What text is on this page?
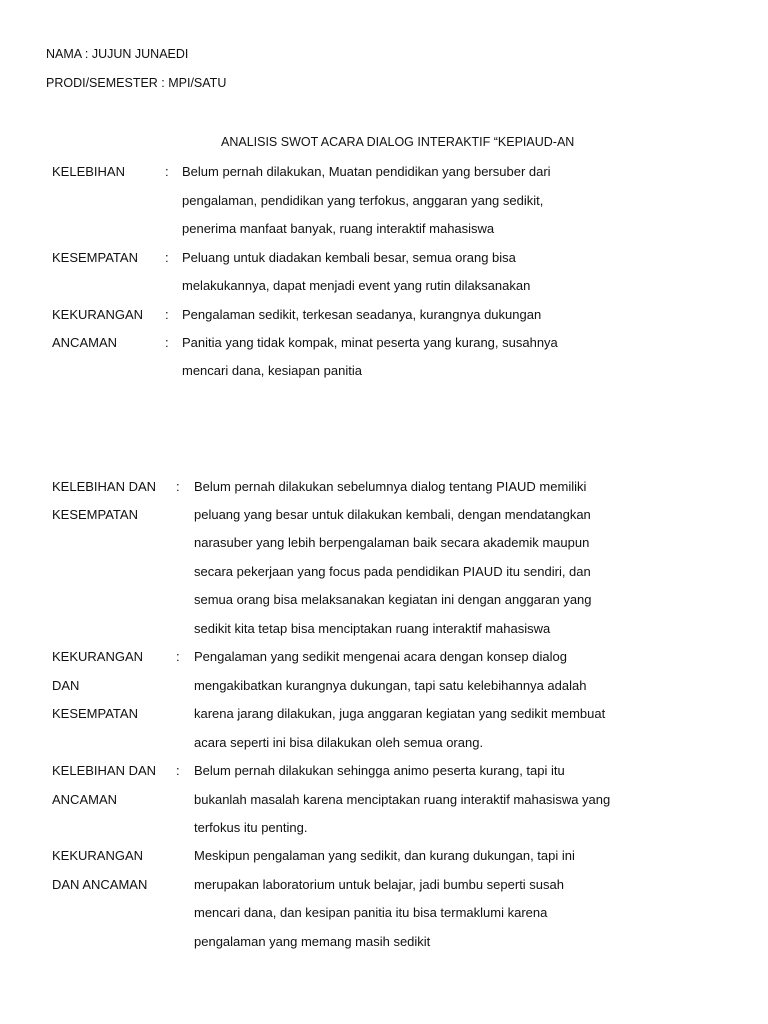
NAMA : JUJUN JUNAEDI
PRODI/SEMESTER : MPI/SATU
ANALISIS SWOT ACARA DIALOG INTERAKTIF “KEPIAUD-AN
KELEBIHAN	: Belum pernah dilakukan, Muatan pendidikan yang bersuber dari
pengalaman, pendidikan yang terfokus, anggaran yang sedikit,
penerima manfaat banyak, ruang interaktif mahasiswa
KESEMPATAN : Peluang untuk diadakan kembali besar, semua orang bisa
melakukannya, dapat menjadi event yang rutin dilaksanakan
KEKURANGAN : Pengalaman sedikit, terkesan seadanya, kurangnya dukungan
ANCAMAN	: Panitia yang tidak kompak, minat peserta yang kurang, susahnya
mencari dana, kesiapan panitia
KELEBIHAN DAN
KESEMPATAN
: Belum pernah dilakukan sebelumnya dialog tentang PIAUD memiliki
peluang yang besar untuk dilakukan kembali, dengan mendatangkan
narasuber yang lebih berpengalaman baik secara akademik maupun
secara pekerjaan yang focus pada pendidikan PIAUD itu sendiri, dan
semua orang bisa melaksanakan kegiatan ini dengan anggaran yang
sedikit kita tetap bisa menciptakan ruang interaktif mahasiswa
KEKURANGAN
DAN
KESEMPATAN
: Pengalaman yang sedikit mengenai acara dengan konsep dialog
mengakibatkan kurangnya dukungan, tapi satu kelebihannya adalah
karena jarang dilakukan, juga anggaran kegiatan yang sedikit membuat
acara seperti ini bisa dilakukan oleh semua orang.
KELEBIHAN DAN
ANCAMAN
: Belum pernah dilakukan sehingga animo peserta kurang, tapi itu
bukanlah masalah karena menciptakan ruang interaktif mahasiswa yang
terfokus itu penting.
KEKURANGAN
DAN ANCAMAN
Meskipun pengalaman yang sedikit, dan kurang dukungan, tapi ini
merupakan laboratorium untuk belajar, jadi bumbu seperti susah
mencari dana, dan kesipan panitia itu bisa termaklumi karena
pengalaman yang memang masih sedikit
